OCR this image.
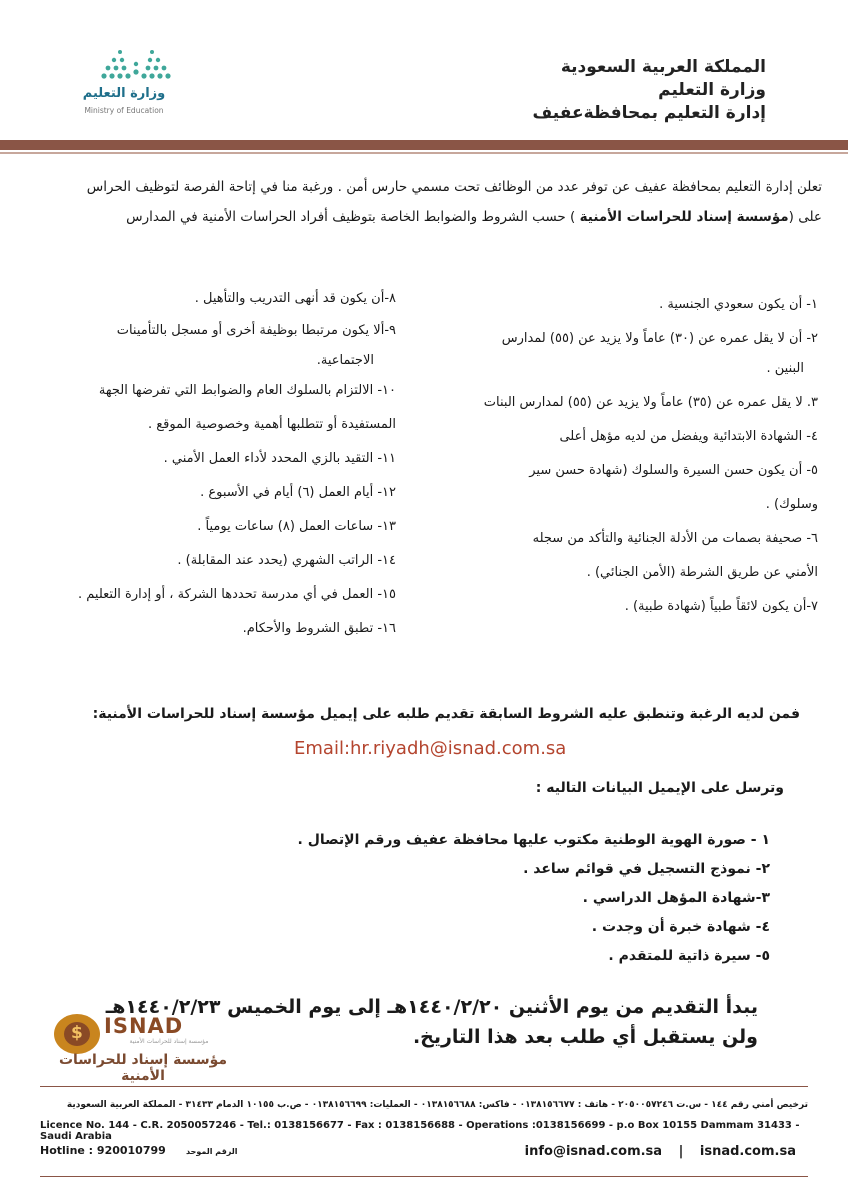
المملكة العربية السعودية
وزارة التعليم
إدارة التعليم بمحافظةعفيف
وزارة التعليم
Ministry of Education
تعلن إدارة التعليم بمحافظة عفيف عن توفر عدد من الوظائف تحت مسمي حارس أمن . ورغبة منا في إتاحة الفرصة لتوظيف الحراس
على (مؤسسة إسناد للحراسات الأمنية ) حسب الشروط والضوابط الخاصة بتوظيف أفراد الحراسات الأمنية في المدارس
١- أن يكون سعودي الجنسية .
٢- أن لا يقل عمره عن (٣٠) عاماً ولا يزيد عن (٥٥) لمدارس
البنين .
٣. لا يقل عمره عن (٣٥) عاماً ولا يزيد عن (٥٥) لمدارس البنات
٤- الشهادة الابتدائية ويفضل من لديه مؤهل أعلى
٥- أن يكون حسن السيرة والسلوك (شهادة حسن سير
وسلوك) .
٦- صحيفة بصمات من الأدلة الجنائية والتأكد من سجله
الأمني عن طريق الشرطة (الأمن الجنائي) .
٧-أن يكون لائقاً طبياً (شهادة طبية) .
٨-أن يكون قد أنهى التدريب والتأهيل .
٩-ألا يكون مرتبطا بوظيفة أخرى أو مسجل بالتأمينات
الاجتماعية.
١٠- الالتزام بالسلوك العام والضوابط التي تفرضها الجهة
المستفيدة أو تتطلبها أهمية وخصوصية الموقع .
١١- التقيد بالزي المحدد لأداء العمل الأمني .
١٢- أيام العمل (٦) أيام في الأسبوع .
١٣- ساعات العمل (٨) ساعات يومياً .
١٤- الراتب الشهري (يحدد عند المقابلة) .
١٥- العمل في أي مدرسة تحددها الشركة ، أو إدارة التعليم .
١٦- تطبق الشروط والأحكام.
فمن لديه الرغبة وتنطبق عليه الشروط السابقة تقديم طلبه على إيميل مؤسسة إسناد للحراسات الأمنية:
Email:hr.riyadh@isnad.com.sa
وترسل على الإيميل البيانات التاليه :
١ - صورة الهوية الوطنية مكتوب عليها محافظة عفيف ورقم الإتصال .
٢- نموذج التسجيل في قوائم ساعد .
٣-شهادة المؤهل الدراسي .
٤- شهادة خبرة أن وجدت .
٥- سيرة ذاتية للمتقدم .
يبدأ التقديم من يوم الأثنين ١٤٤٠/٢/٢٠هـ إلى يوم الخميس ١٤٤٠/٢/٢٣هـ
ولن يستقبل أي طلب بعد هذا التاريخ.
$ ISNAD
مؤسسة إسناد للحراسات الأمنية
مؤسسة إسناد للحراسات الأمنية
ترخيص أمني رقم ١٤٤ - س.ت ٢٠٥٠٠٥٧٢٤٦ - هاتف : ٠١٣٨١٥٦٦٧٧ - فاكس: ٠١٣٨١٥٦٦٨٨ - العمليات: ٠١٣٨١٥٦٦٩٩ - ص.ب ١٠١٥٥ الدمام ٣١٤٣٣ - المملكة العربية السعودية
Licence No. 144 - C.R. 2050057246 - Tel.: 0138156677 - Fax : 0138156688 - Operations :0138156699 - p.o Box 10155 Dammam 31433 - Saudi Arabia
Hotline : 920010799	الرقم الموحد	info@isnad.com.sa | isnad.com.sa
